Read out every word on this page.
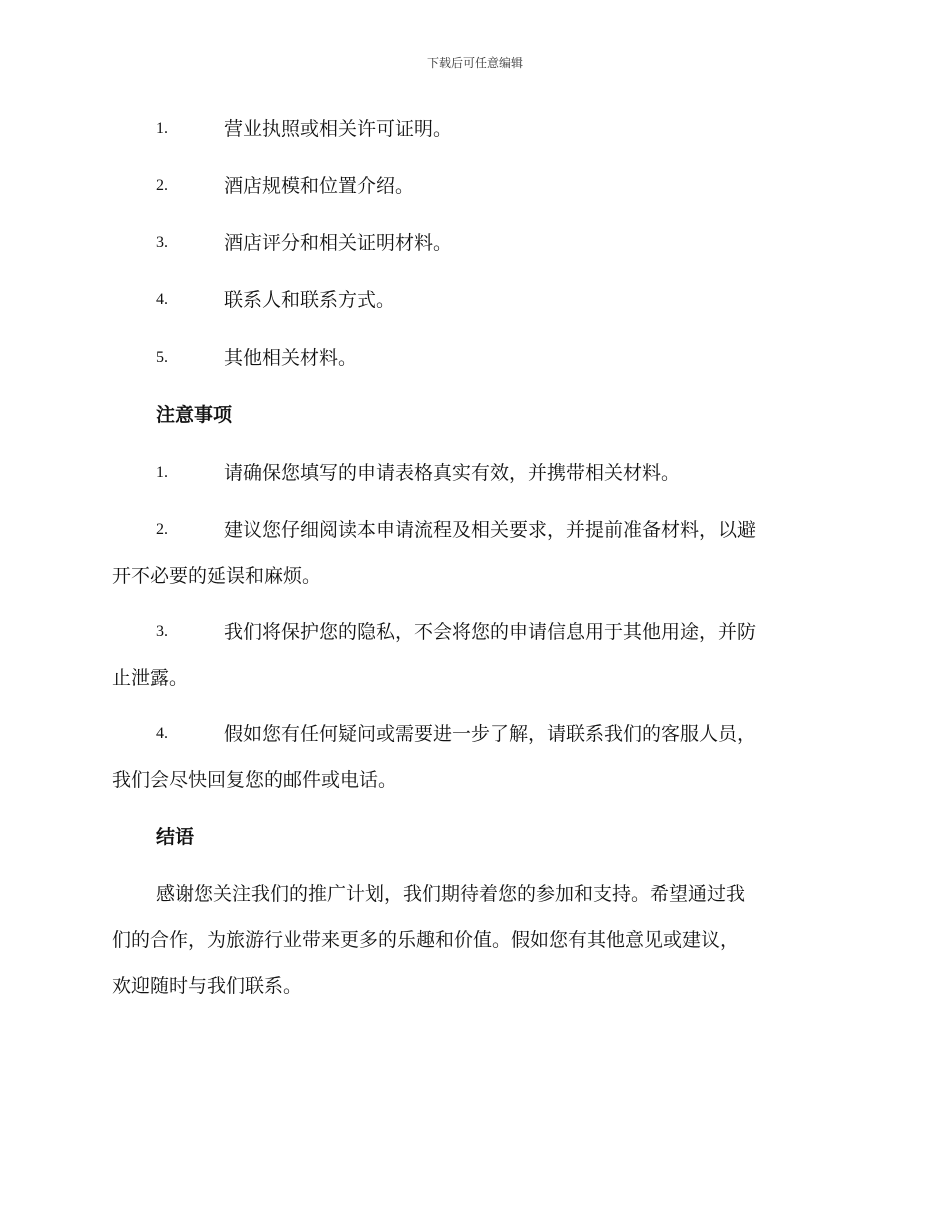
下载后可任意编辑
1.	营业执照或相关许可证明。
2.	酒店规模和位置介绍。
3.	酒店评分和相关证明材料。
4.	联系人和联系方式。
5.	其他相关材料。
注意事项
1.	请确保您填写的申请表格真实有效，并携带相关材料。
2.	建议您仔细阅读本申请流程及相关要求，并提前准备材料，以避
开不必要的延误和麻烦。
3.	我们将保护您的隐私，不会将您的申请信息用于其他用途，并防
止泄露。
4.	假如您有任何疑问或需要进一步了解，请联系我们的客服人员，
我们会尽快回复您的邮件或电话。
结语
感谢您关注我们的推广计划，我们期待着您的参加和支持。希望通过我
们的合作，为旅游行业带来更多的乐趣和价值。假如您有其他意见或建议，
欢迎随时与我们联系。
